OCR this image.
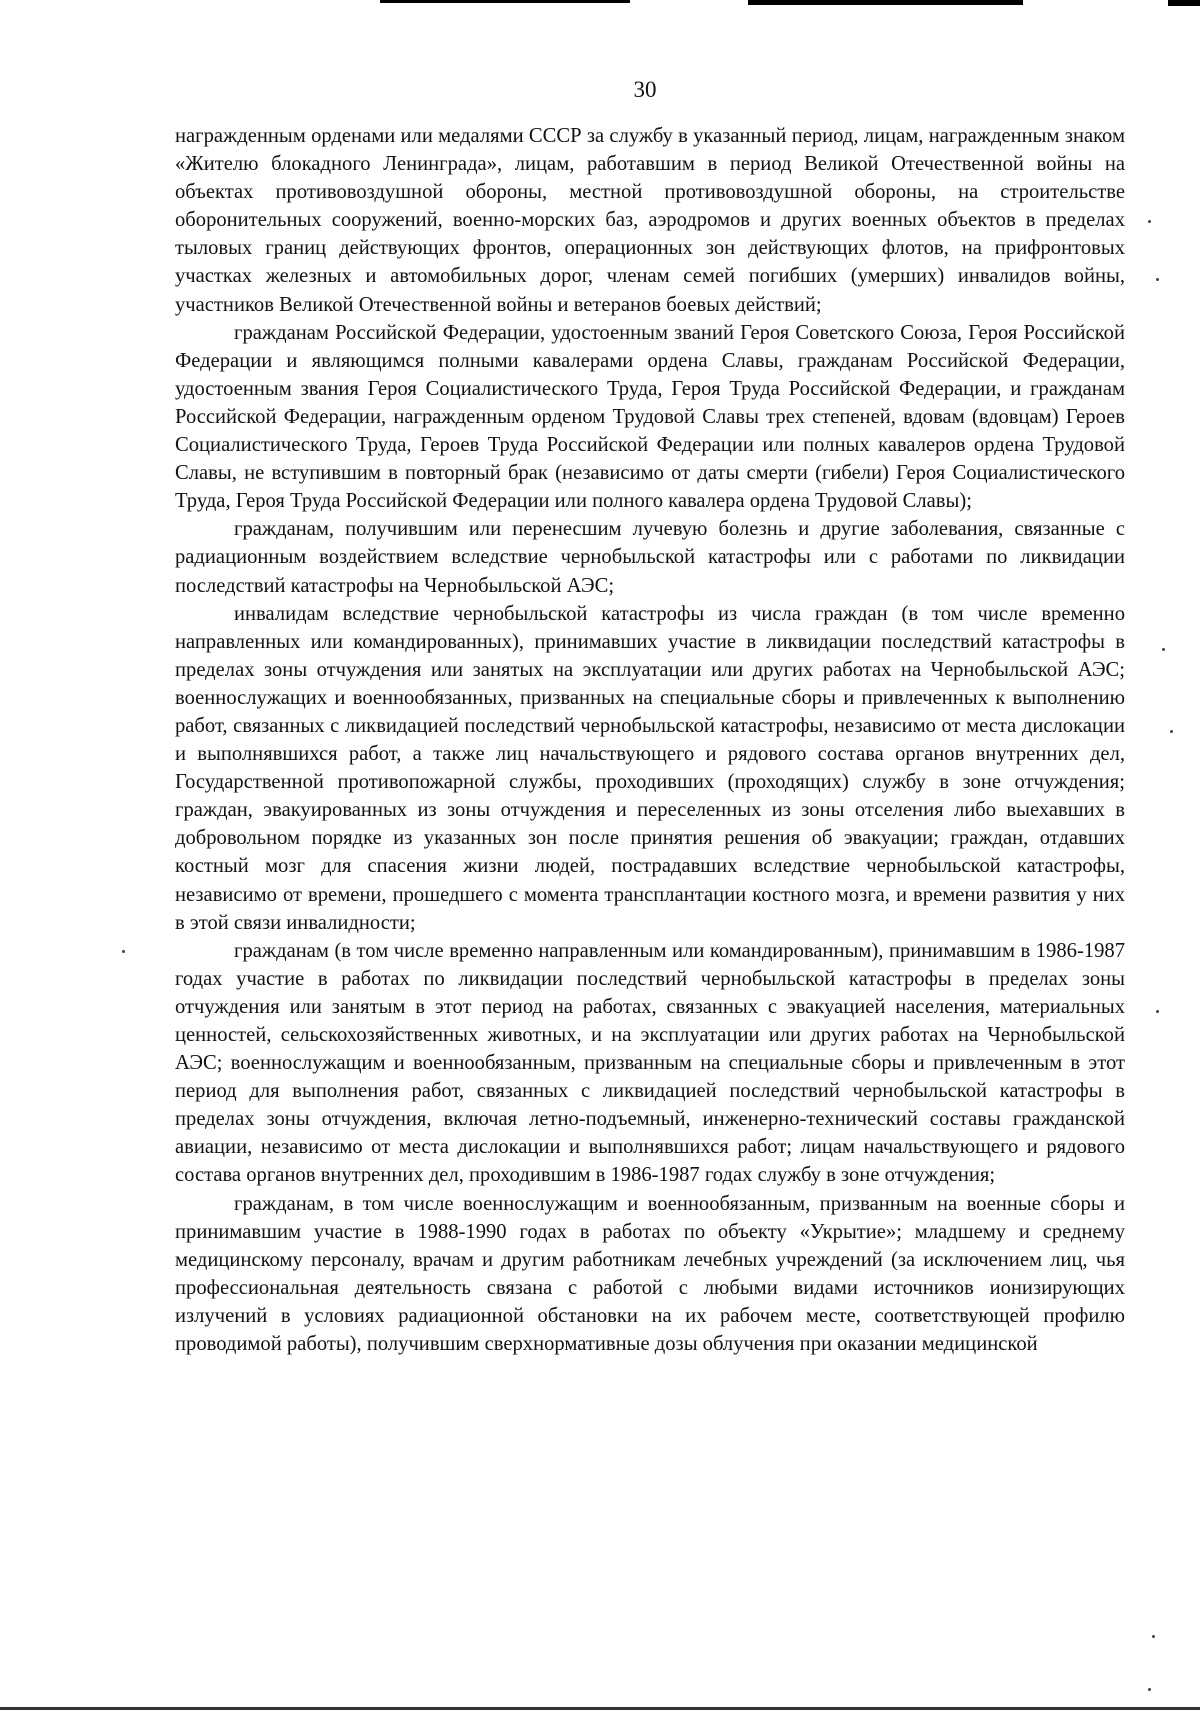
30

награжденным орденами или медалями СССР за службу в указанный период, лицам, награжденным знаком «Жителю блокадного Ленинграда», лицам, работавшим в период Великой Отечественной войны на объектах противовоздушной обороны, местной противовоздушной обороны, на строительстве оборонительных сооружений, военно-морских баз, аэродромов и других военных объектов в пределах тыловых границ действующих фронтов, операционных зон действующих флотов, на прифронтовых участках железных и автомобильных дорог, членам семей погибших (умерших) инвалидов войны, участников Великой Отечественной войны и ветеранов боевых действий;

гражданам Российской Федерации, удостоенным званий Героя Советского Союза, Героя Российской Федерации и являющимся полными кавалерами ордена Славы, гражданам Российской Федерации, удостоенным звания Героя Социалистического Труда, Героя Труда Российской Федерации, и гражданам Российской Федерации, награжденным орденом Трудовой Славы трех степеней, вдовам (вдовцам) Героев Социалистического Труда, Героев Труда Российской Федерации или полных кавалеров ордена Трудовой Славы, не вступившим в повторный брак (независимо от даты смерти (гибели) Героя Социалистического Труда, Героя Труда Российской Федерации или полного кавалера ордена Трудовой Славы);

гражданам, получившим или перенесшим лучевую болезнь и другие заболевания, связанные с радиационным воздействием вследствие чернобыльской катастрофы или с работами по ликвидации последствий катастрофы на Чернобыльской АЭС;

инвалидам вследствие чернобыльской катастрофы из числа граждан (в том числе временно направленных или командированных), принимавших участие в ликвидации последствий катастрофы в пределах зоны отчуждения или занятых на эксплуатации или других работах на Чернобыльской АЭС; военнослужащих и военнообязанных, призванных на специальные сборы и привлеченных к выполнению работ, связанных с ликвидацией последствий чернобыльской катастрофы, независимо от места дислокации и выполнявшихся работ, а также лиц начальствующего и рядового состава органов внутренних дел, Государственной противопожарной службы, проходивших (проходящих) службу в зоне отчуждения; граждан, эвакуированных из зоны отчуждения и переселенных из зоны отселения либо выехавших в добровольном порядке из указанных зон после принятия решения об эвакуации; граждан, отдавших костный мозг для спасения жизни людей, пострадавших вследствие чернобыльской катастрофы, независимо от времени, прошедшего с момента трансплантации костного мозга, и времени развития у них в этой связи инвалидности;

гражданам (в том числе временно направленным или командированным), принимавшим в 1986-1987 годах участие в работах по ликвидации последствий чернобыльской катастрофы в пределах зоны отчуждения или занятым в этот период на работах, связанных с эвакуацией населения, материальных ценностей, сельскохозяйственных животных, и на эксплуатации или других работах на Чернобыльской АЭС; военнослужащим и военнообязанным, призванным на специальные сборы и привлеченным в этот период для выполнения работ, связанных с ликвидацией последствий чернобыльской катастрофы в пределах зоны отчуждения, включая летно-подъемный, инженерно-технический составы гражданской авиации, независимо от места дислокации и выполнявшихся работ; лицам начальствующего и рядового состава органов внутренних дел, проходившим в 1986-1987 годах службу в зоне отчуждения;

гражданам, в том числе военнослужащим и военнообязанным, призванным на военные сборы и принимавшим участие в 1988-1990 годах в работах по объекту «Укрытие»; младшему и среднему медицинскому персоналу, врачам и другим работникам лечебных учреждений (за исключением лиц, чья профессиональная деятельность связана с работой с любыми видами источников ионизирующих излучений в условиях радиационной обстановки на их рабочем месте, соответствующей профилю проводимой работы), получившим сверхнормативные дозы облучения при оказании медицинской
